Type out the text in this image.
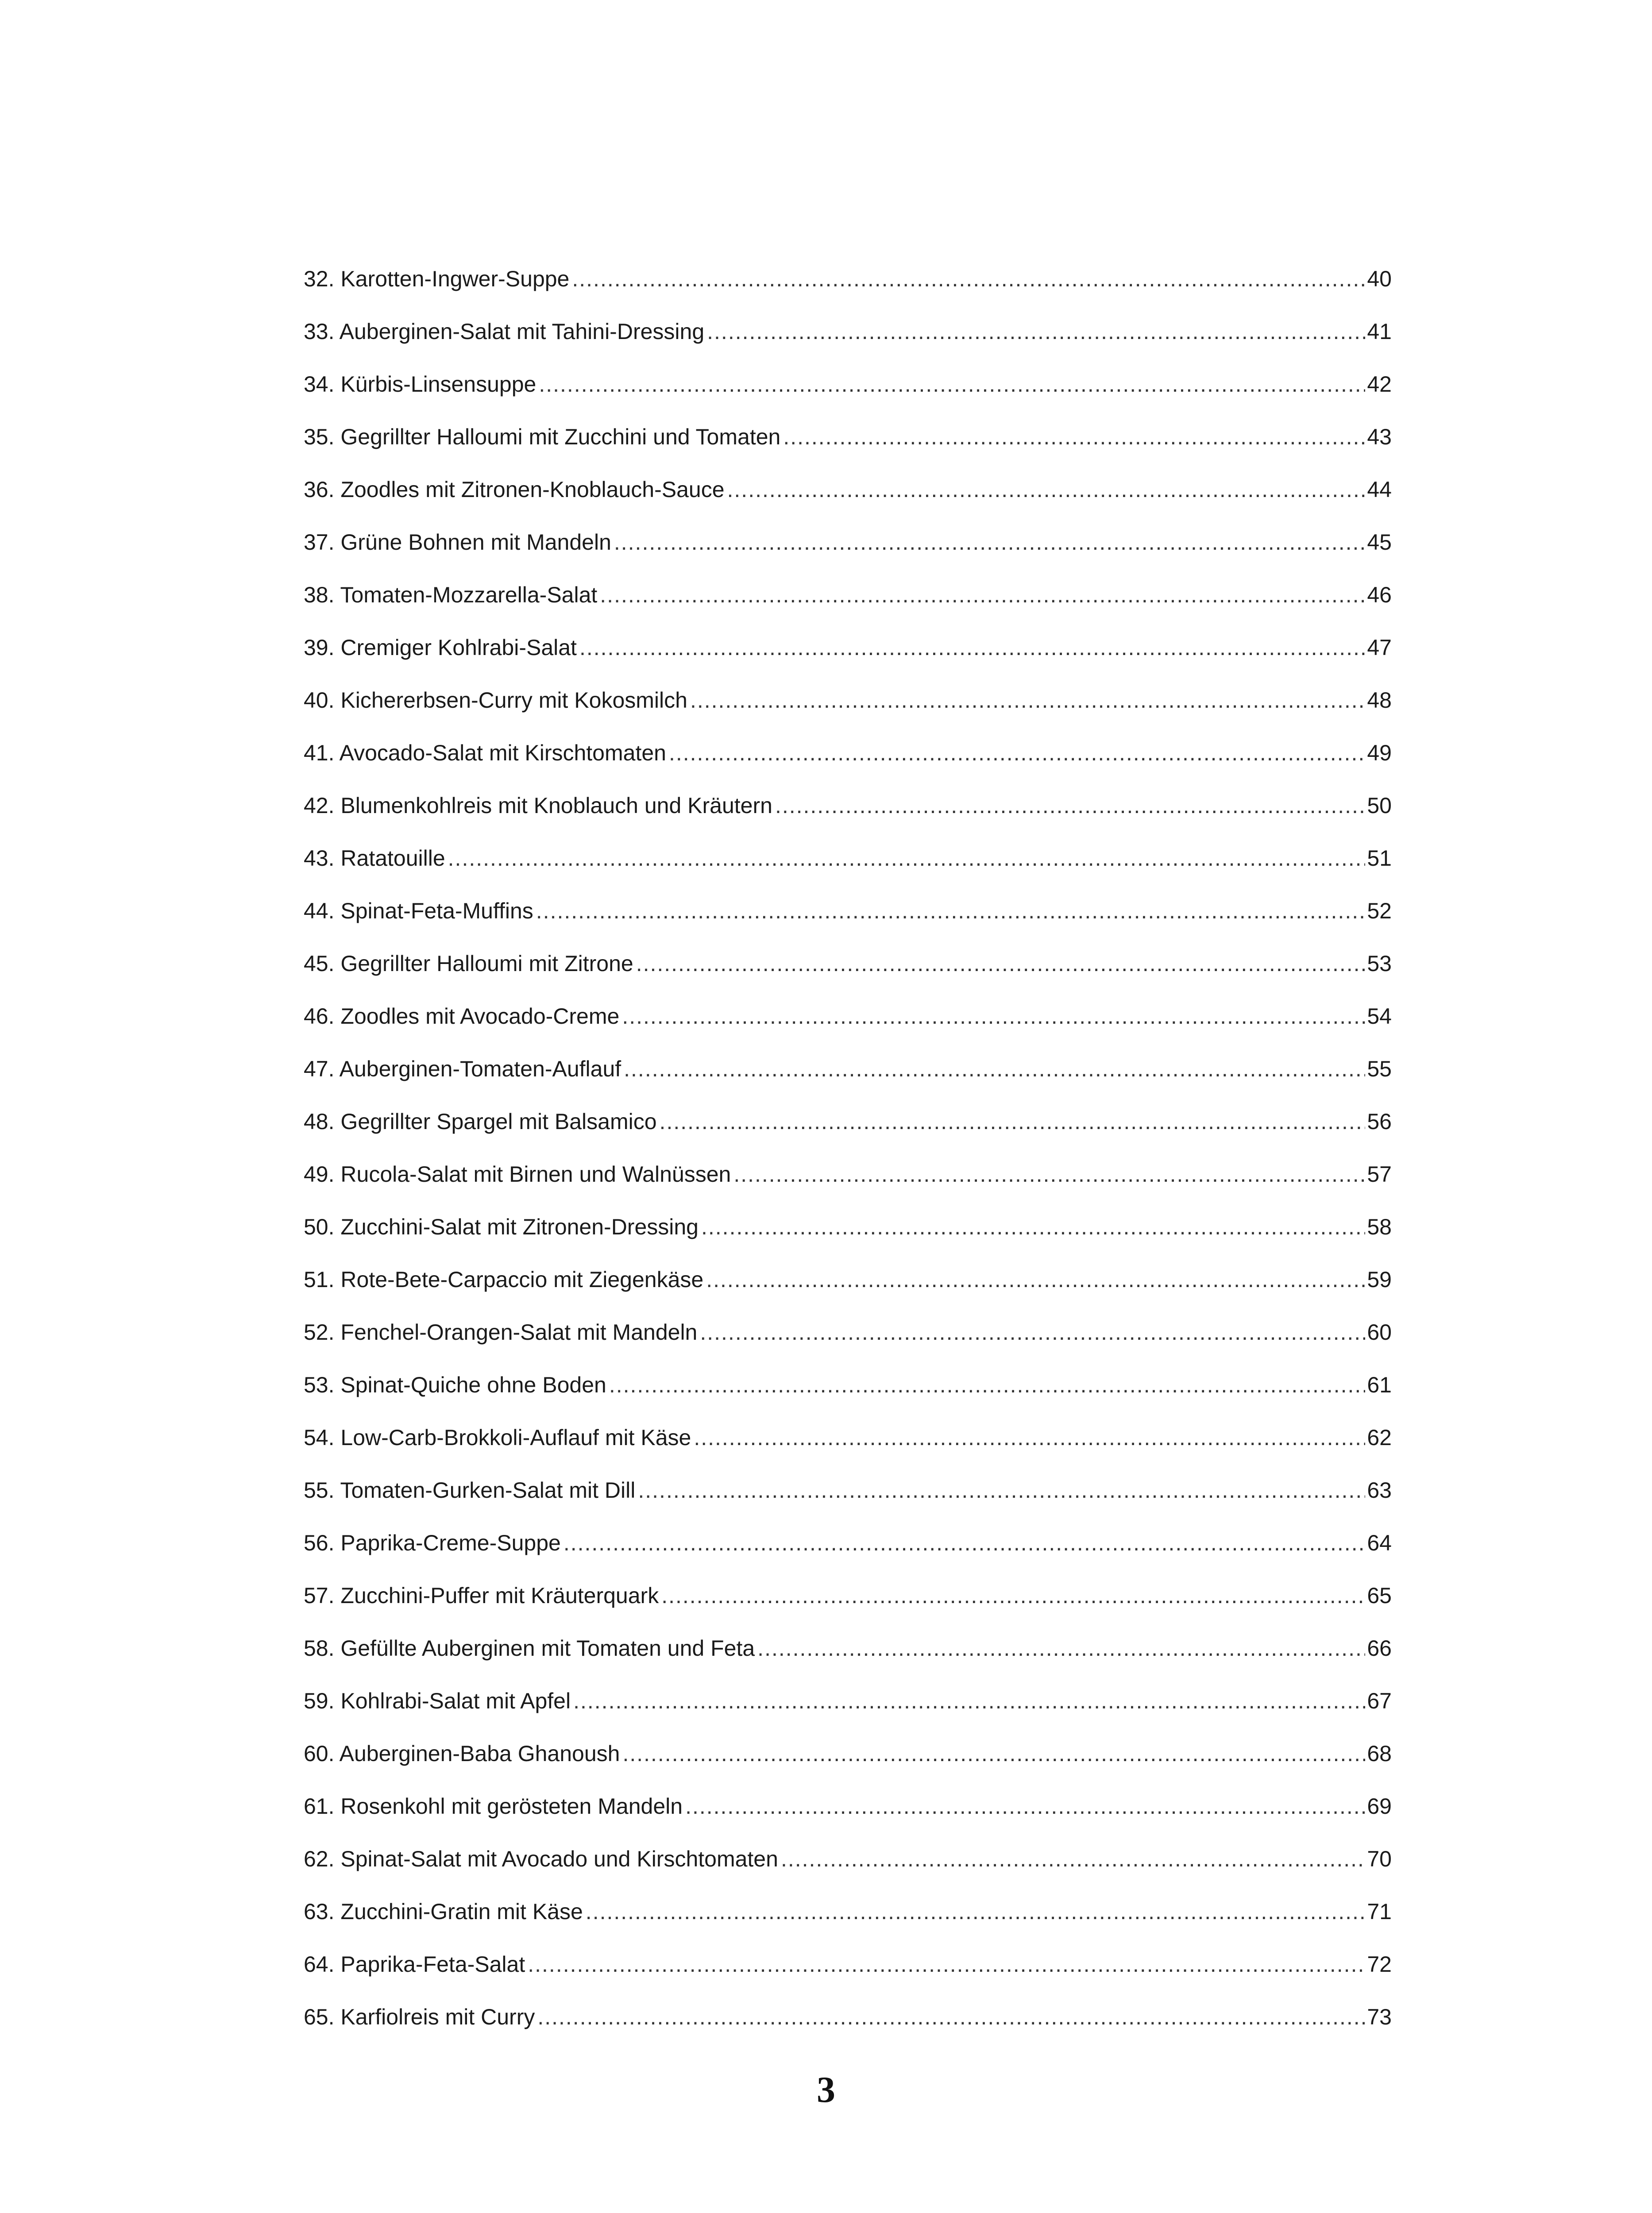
32. Karotten-Ingwer-Suppe .....	40
33. Auberginen-Salat mit Tahini-Dressing .....	41
34. Kürbis-Linsensuppe .....	42
35. Gegrillter Halloumi mit Zucchini und Tomaten .....	43
36. Zoodles mit Zitronen-Knoblauch-Sauce .....	44
37. Grüne Bohnen mit Mandeln .....	45
38. Tomaten-Mozzarella-Salat .....	46
39. Cremiger Kohlrabi-Salat .....	47
40. Kichererbsen-Curry mit Kokosmilch .....	48
41. Avocado-Salat mit Kirschtomaten .....	49
42. Blumenkohlreis mit Knoblauch und Kräutern .....	50
43. Ratatouille .....	51
44. Spinat-Feta-Muffins .....	52
45. Gegrillter Halloumi mit Zitrone .....	53
46. Zoodles mit Avocado-Creme .....	54
47. Auberginen-Tomaten-Auflauf .....	55
48. Gegrillter Spargel mit Balsamico .....	56
49. Rucola-Salat mit Birnen und Walnüssen .....	57
50. Zucchini-Salat mit Zitronen-Dressing .....	58
51. Rote-Bete-Carpaccio mit Ziegenkäse .....	59
52. Fenchel-Orangen-Salat mit Mandeln .....	60
53. Spinat-Quiche ohne Boden .....	61
54. Low-Carb-Brokkoli-Auflauf mit Käse .....	62
55. Tomaten-Gurken-Salat mit Dill .....	63
56. Paprika-Creme-Suppe .....	64
57. Zucchini-Puffer mit Kräuterquark .....	65
58. Gefüllte Auberginen mit Tomaten und Feta .....	66
59. Kohlrabi-Salat mit Apfel .....	67
60. Auberginen-Baba Ghanoush .....	68
61. Rosenkohl mit gerösteten Mandeln .....	69
62. Spinat-Salat mit Avocado und Kirschtomaten .....	70
63. Zucchini-Gratin mit Käse .....	71
64. Paprika-Feta-Salat .....	72
65. Karfiolreis mit Curry .....	73
3
